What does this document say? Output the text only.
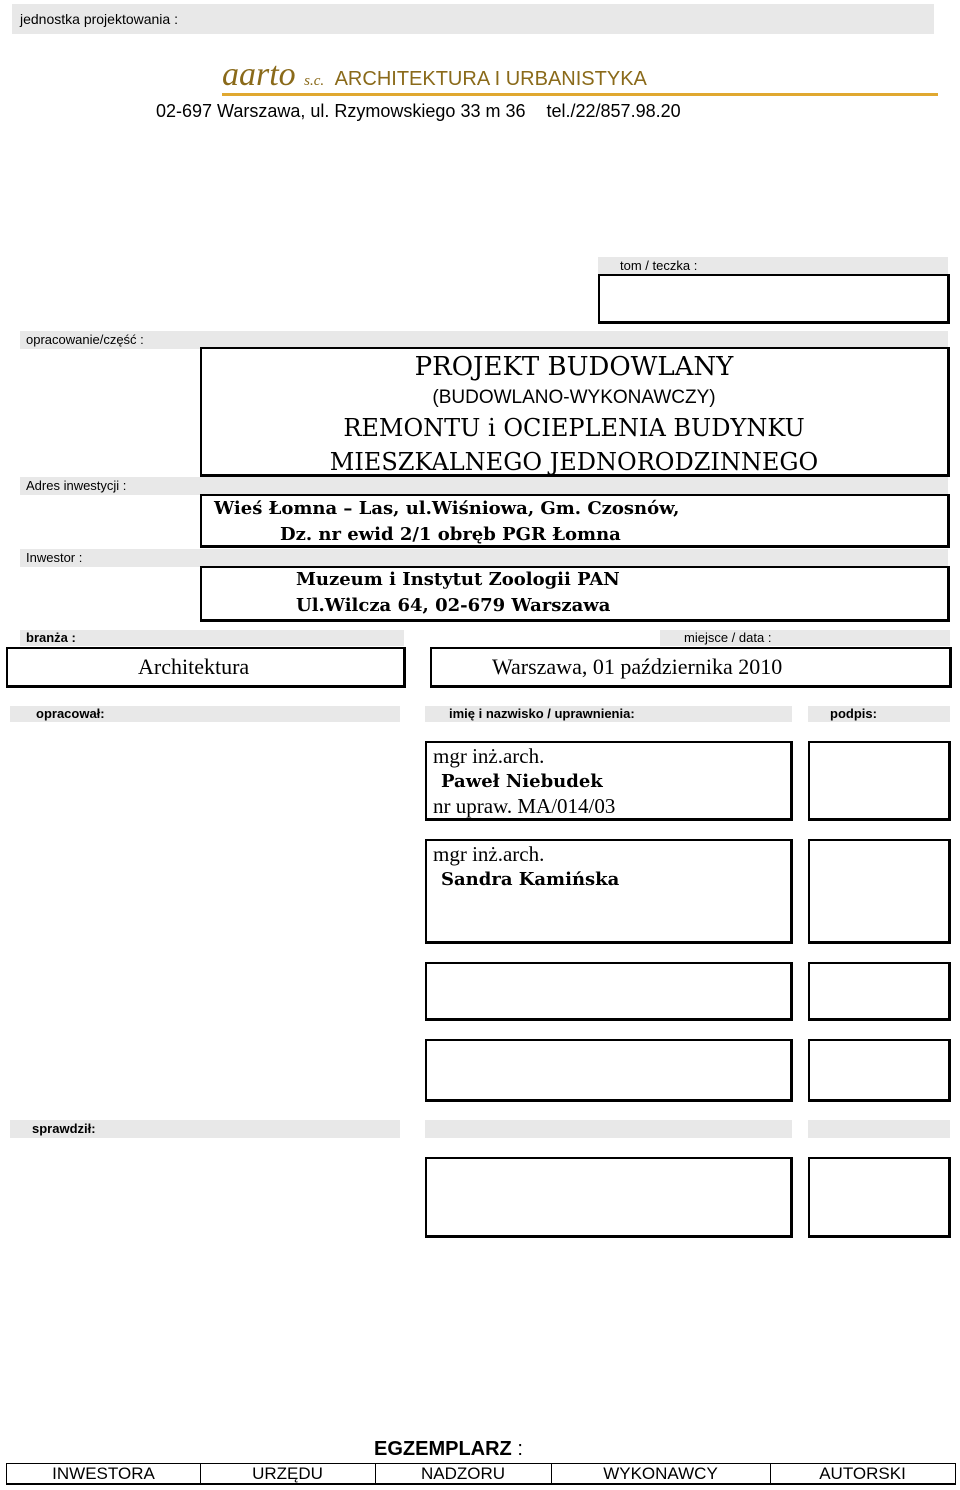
jednostka projektowania :
aarto s.c. ARCHITEKTURA I URBANISTYKA
02-697 Warszawa, ul. Rzymowskiego 33 m 36 tel./22/857.98.20
tom / teczka :
opracowanie/część :
PROJEKT BUDOWLANY
(BUDOWLANO-WYKONAWCZY)
REMONTU i OCIEPLENIA BUDYNKU
MIESZKALNEGO JEDNORODZINNEGO
Adres inwestycji :
Wieś Łomna – Las, ul.Wiśniowa, Gm. Czosnów,
Dz. nr ewid 2/1 obręb PGR Łomna
Inwestor :
Muzeum i Instytut Zoologii PAN
Ul.Wilcza 64, 02-679 Warszawa
branża :	miejsce / data :
Architektura	Warszawa, 01 października 2010
opracował:	imię i nazwisko / uprawnienia:	podpis:
mgr inż.arch.
Paweł Niebudek
nr upraw. MA/014/03
mgr inż.arch.
Sandra Kamińska
sprawdził:
EGZEMPLARZ :
INWESTORA	URZĘDU	NADZORU	WYKONAWCY	AUTORSKI
